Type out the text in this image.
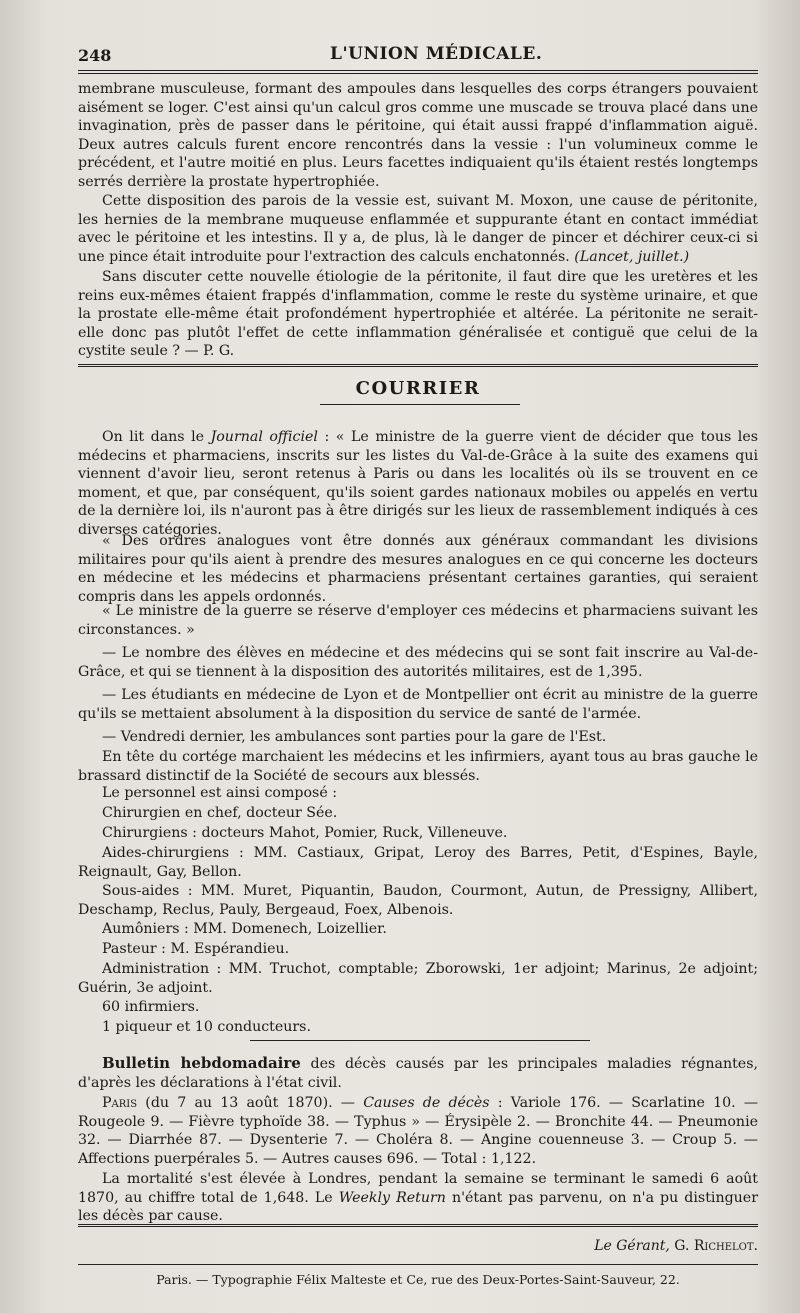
248	L'UNION MÉDICALE.
membrane musculeuse, formant des ampoules dans lesquelles des corps étrangers pouvaient aisément se loger. C'est ainsi qu'un calcul gros comme une muscade se trouva placé dans une invagination, près de passer dans le péritoine, qui était aussi frappé d'inflammation aiguë. Deux autres calculs furent encore rencontrés dans la vessie : l'un volumineux comme le précédent, et l'autre moitié en plus. Leurs facettes indiquaient qu'ils étaient restés longtemps serrés derrière la prostate hypertrophiée.
Cette disposition des parois de la vessie est, suivant M. Moxon, une cause de péritonite, les hernies de la membrane muqueuse enflammée et suppurante étant en contact immédiat avec le péritoine et les intestins. Il y a, de plus, là le danger de pincer et déchirer ceux-ci si une pince était introduite pour l'extraction des calculs enchatonnés. (Lancet, juillet.)
Sans discuter cette nouvelle étiologie de la péritonite, il faut dire que les uretères et les reins eux-mêmes étaient frappés d'inflammation, comme le reste du système urinaire, et que la prostate elle-même était profondément hypertrophiée et altérée. La péritonite ne serait-elle donc pas plutôt l'effet de cette inflammation généralisée et contiguë que celui de la cystite seule ? — P. G.
COURRIER
On lit dans le Journal officiel : « Le ministre de la guerre vient de décider que tous les médecins et pharmaciens, inscrits sur les listes du Val-de-Grâce à la suite des examens qui viennent d'avoir lieu, seront retenus à Paris ou dans les localités où ils se trouvent en ce moment, et que, par conséquent, qu'ils soient gardes nationaux mobiles ou appelés en vertu de la dernière loi, ils n'auront pas à être dirigés sur les lieux de rassemblement indiqués à ces diverses catégories.
« Des ordres analogues vont être donnés aux généraux commandant les divisions militaires pour qu'ils aient à prendre des mesures analogues en ce qui concerne les docteurs en médecine et les médecins et pharmaciens présentant certaines garanties, qui seraient compris dans les appels ordonnés.
« Le ministre de la guerre se réserve d'employer ces médecins et pharmaciens suivant les circonstances. »
— Le nombre des élèves en médecine et des médecins qui se sont fait inscrire au Val-de-Grâce, et qui se tiennent à la disposition des autorités militaires, est de 1,395.
— Les étudiants en médecine de Lyon et de Montpellier ont écrit au ministre de la guerre qu'ils se mettaient absolument à la disposition du service de santé de l'armée.
— Vendredi dernier, les ambulances sont parties pour la gare de l'Est.
En tête du cortége marchaient les médecins et les infirmiers, ayant tous au bras gauche le brassard distinctif de la Société de secours aux blessés.
Le personnel est ainsi composé :
Chirurgien en chef, docteur Sée.
Chirurgiens : docteurs Mahot, Pomier, Ruck, Villeneuve.
Aides-chirurgiens : MM. Castiaux, Gripat, Leroy des Barres, Petit, d'Espines, Bayle, Reignault, Gay, Bellon.
Sous-aides : MM. Muret, Piquantin, Baudon, Courmont, Autun, de Pressigny, Allibert, Deschamp, Reclus, Pauly, Bergeaud, Foex, Albenois.
Aumôniers : MM. Domenech, Loizellier.
Pasteur : M. Espérandieu.
Administration : MM. Truchot, comptable; Zborowski, 1er adjoint; Marinus, 2e adjoint; Guérin, 3e adjoint.
60 infirmiers.
1 piqueur et 10 conducteurs.
Bulletin hebdomadaire des décès causés par les principales maladies régnantes, d'après les déclarations à l'état civil.
Paris (du 7 au 13 août 1870). — Causes de décès : Variole 176. — Scarlatine 10. — Rougeole 9. — Fièvre typhoïde 38. — Typhus » — Érysipèle 2. — Bronchite 44. — Pneumonie 32. — Diarrhée 87. — Dysenterie 7. — Choléra 8. — Angine couenneuse 3. — Croup 5. — Affections puerpérales 5. — Autres causes 696. — Total : 1,122.
La mortalité s'est élevée à Londres, pendant la semaine se terminant le samedi 6 août 1870, au chiffre total de 1,648. Le Weekly Return n'étant pas parvenu, on n'a pu distinguer les décès par cause.
Le Gérant, G. Richelot.
Paris. — Typographie Félix Malteste et Ce, rue des Deux-Portes-Saint-Sauveur, 22.
